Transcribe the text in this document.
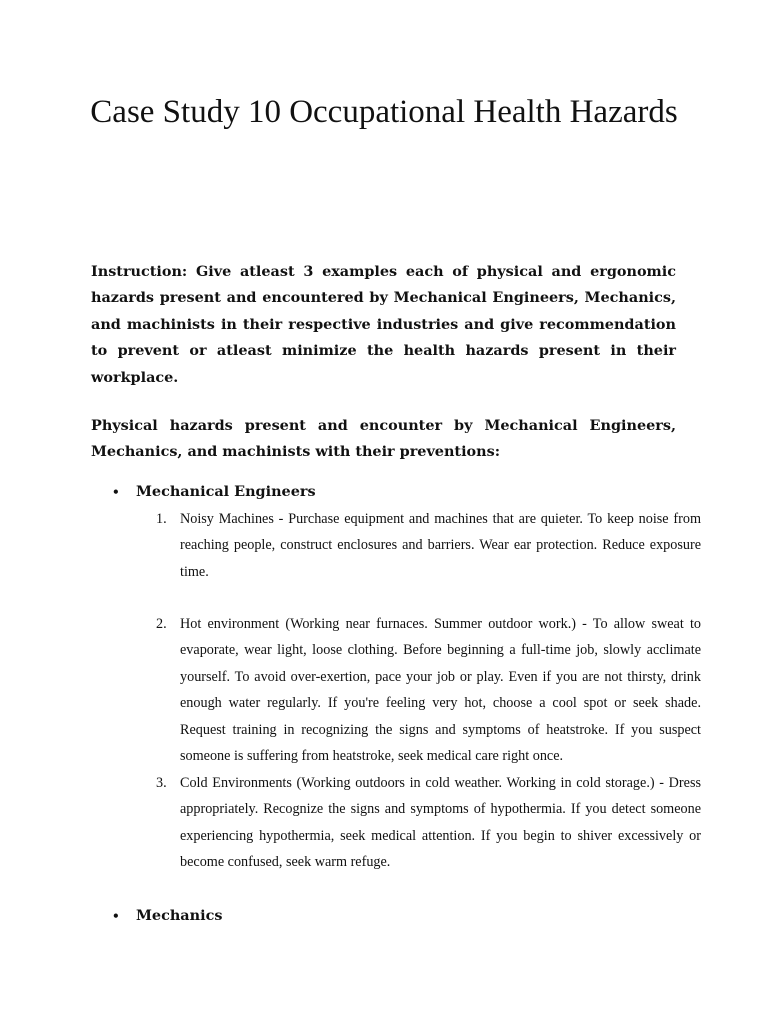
Case Study 10 Occupational Health Hazards

Instruction: Give atleast 3 examples each of physical and ergonomic hazards present and encountered by Mechanical Engineers, Mechanics, and machinists in their respective industries and give recommendation to prevent or atleast minimize the health hazards present in their workplace.

Physical hazards present and encounter by Mechanical Engineers, Mechanics, and machinists with their preventions:

• Mechanical Engineers
1. Noisy Machines - Purchase equipment and machines that are quieter. To keep noise from reaching people, construct enclosures and barriers. Wear ear protection. Reduce exposure time.
2. Hot environment (Working near furnaces. Summer outdoor work.) - To allow sweat to evaporate, wear light, loose clothing. Before beginning a full-time job, slowly acclimate yourself. To avoid over-exertion, pace your job or play. Even if you are not thirsty, drink enough water regularly. If you're feeling very hot, choose a cool spot or seek shade. Request training in recognizing the signs and symptoms of heatstroke. If you suspect someone is suffering from heatstroke, seek medical care right once.
3. Cold Environments (Working outdoors in cold weather. Working in cold storage.) - Dress appropriately. Recognize the signs and symptoms of hypothermia. If you detect someone experiencing hypothermia, seek medical attention. If you begin to shiver excessively or become confused, seek warm refuge.
• Mechanics
